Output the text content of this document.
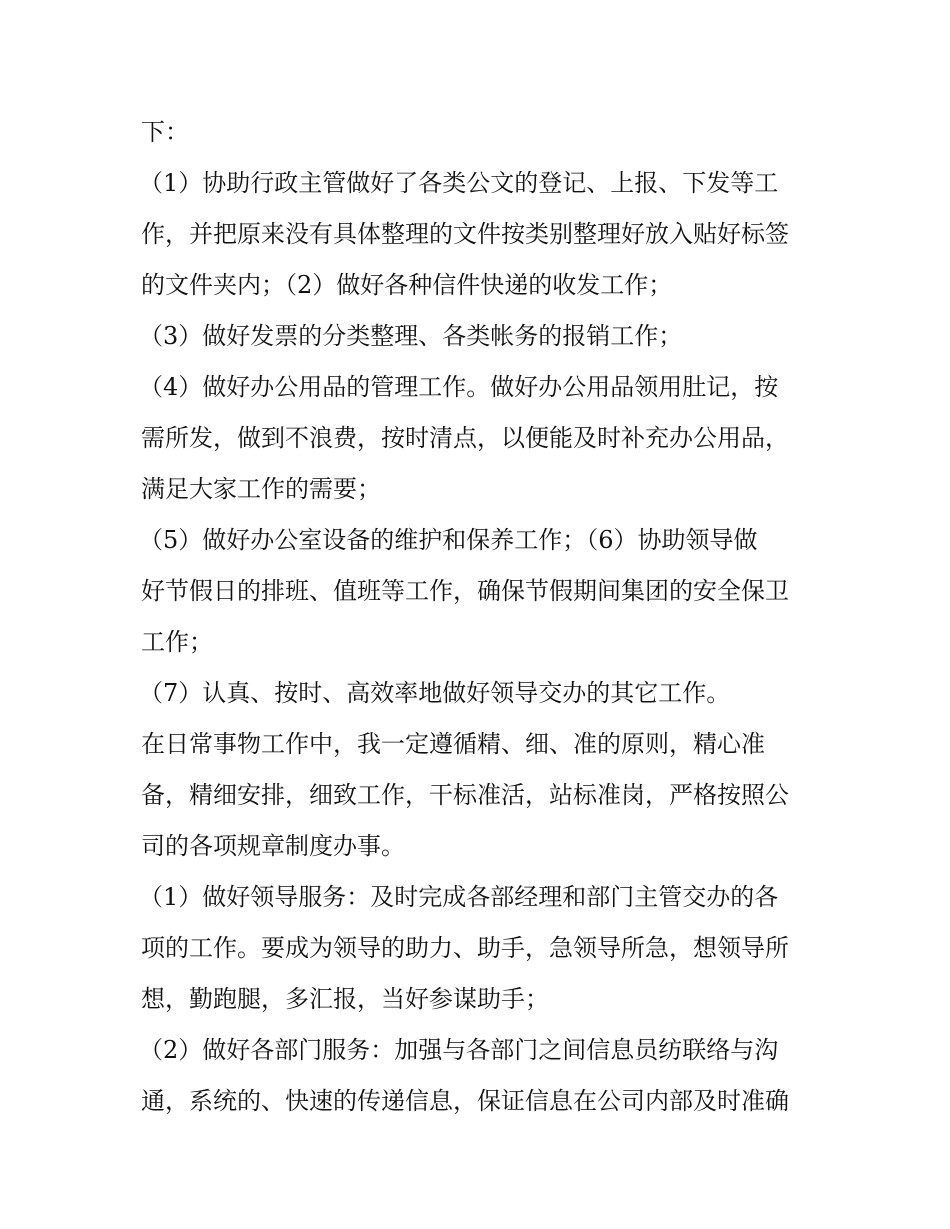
下：
（1）协助行政主管做好了各类公文的登记、上报、下发等工
作，并把原来没有具体整理的文件按类别整理好放入贴好标签
的文件夹内；（2）做好各种信件快递的收发工作；
（3）做好发票的分类整理、各类帐务的报销工作；
（4）做好办公用品的管理工作。做好办公用品领用肚记，按
需所发，做到不浪费，按时清点，以便能及时补充办公用品，
满足大家工作的需要；
（5）做好办公室设备的维护和保养工作；（6）协助领导做
好节假日的排班、值班等工作，确保节假期间集团的安全保卫
工作；
（7）认真、按时、高效率地做好领导交办的其它工作。
在日常事物工作中，我一定遵循精、细、准的原则，精心准
备，精细安排，细致工作，干标准活，站标准岗，严格按照公
司的各项规章制度办事。
（1）做好领导服务：及时完成各部经理和部门主管交办的各
项的工作。要成为领导的助力、助手，急领导所急，想领导所
想，勤跑腿，多汇报，当好参谋助手；
（2）做好各部门服务：加强与各部门之间信息员纺联络与沟
通，系统的、快速的传递信息，保证信息在公司内部及时准确
